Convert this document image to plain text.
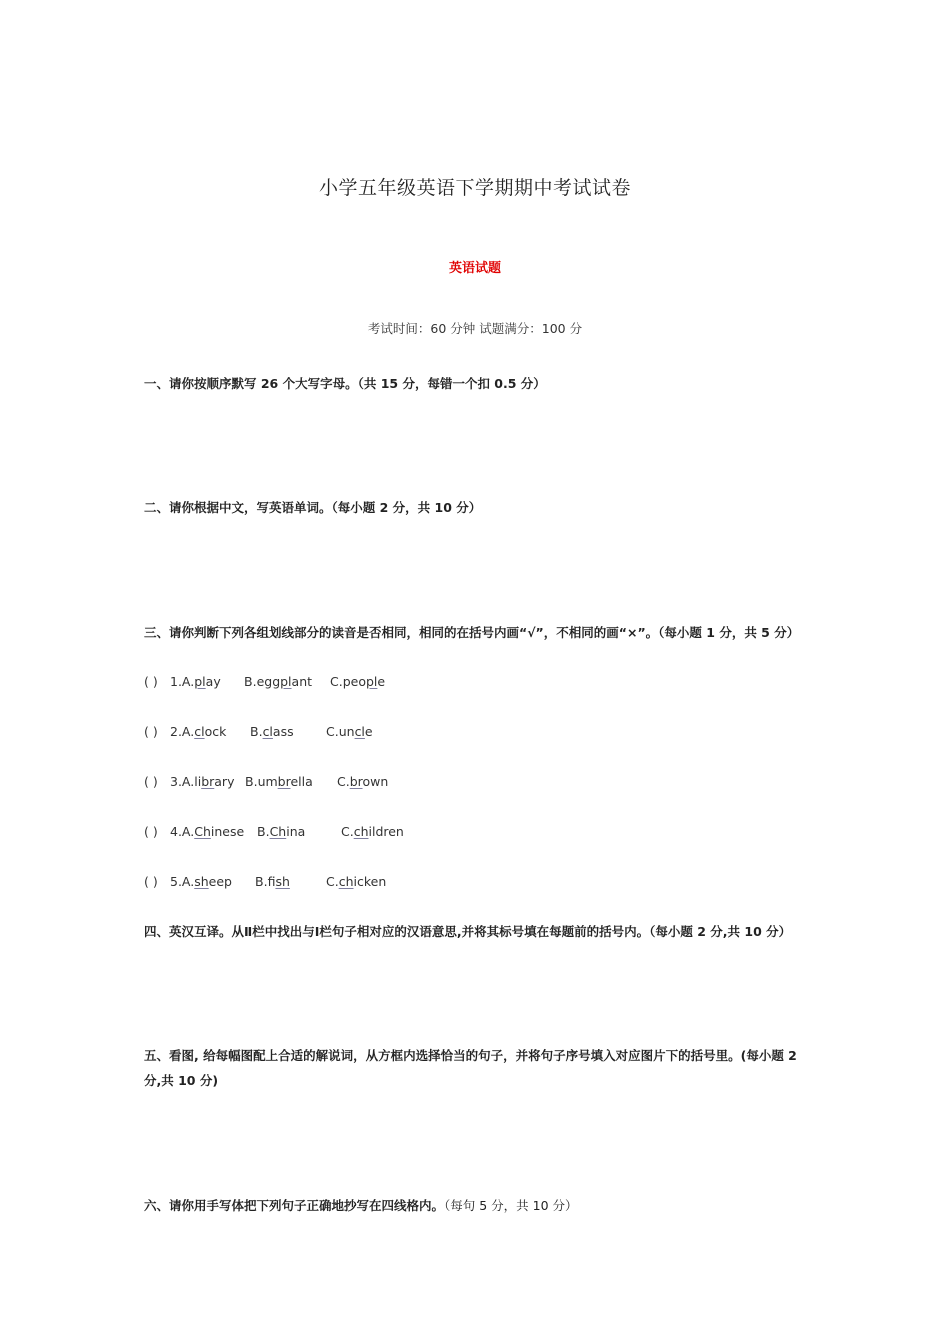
小学五年级英语下学期期中考试试卷
英语试题
考试时间：60 分钟 试题满分：100 分
一、请你按顺序默写 26 个大写字母。（共 15 分，每错一个扣 0.5 分）
二、请你根据中文，写英语单词。（每小题 2 分，共 10 分）
三、请你判断下列各组划线部分的读音是否相同，相同的在括号内画“√”，不相同的画“×”。（每小题 1 分，共 5 分）
( ) 1.A.play B.eggplant C.people
( ) 2.A.clock B.class	C.uncle
( ) 3.A.library B.umbrella C.brown
( ) 4.A.Chinese B.China	C.children
( ) 5.A.sheep B.fish	C.chicken
四、英汉互译。从Ⅱ栏中找出与Ⅰ栏句子相对应的汉语意思,并将其标号填在每题前的括号内。（每小题 2 分,共 10 分）
五、看图, 给每幅图配上合适的解说词，从方框内选择恰当的句子，并将句子序号填入对应图片下的括号里。(每小题 2 分,共 10 分)
六、请你用手写体把下列句子正确地抄写在四线格内。（每句 5 分，共 10 分）
